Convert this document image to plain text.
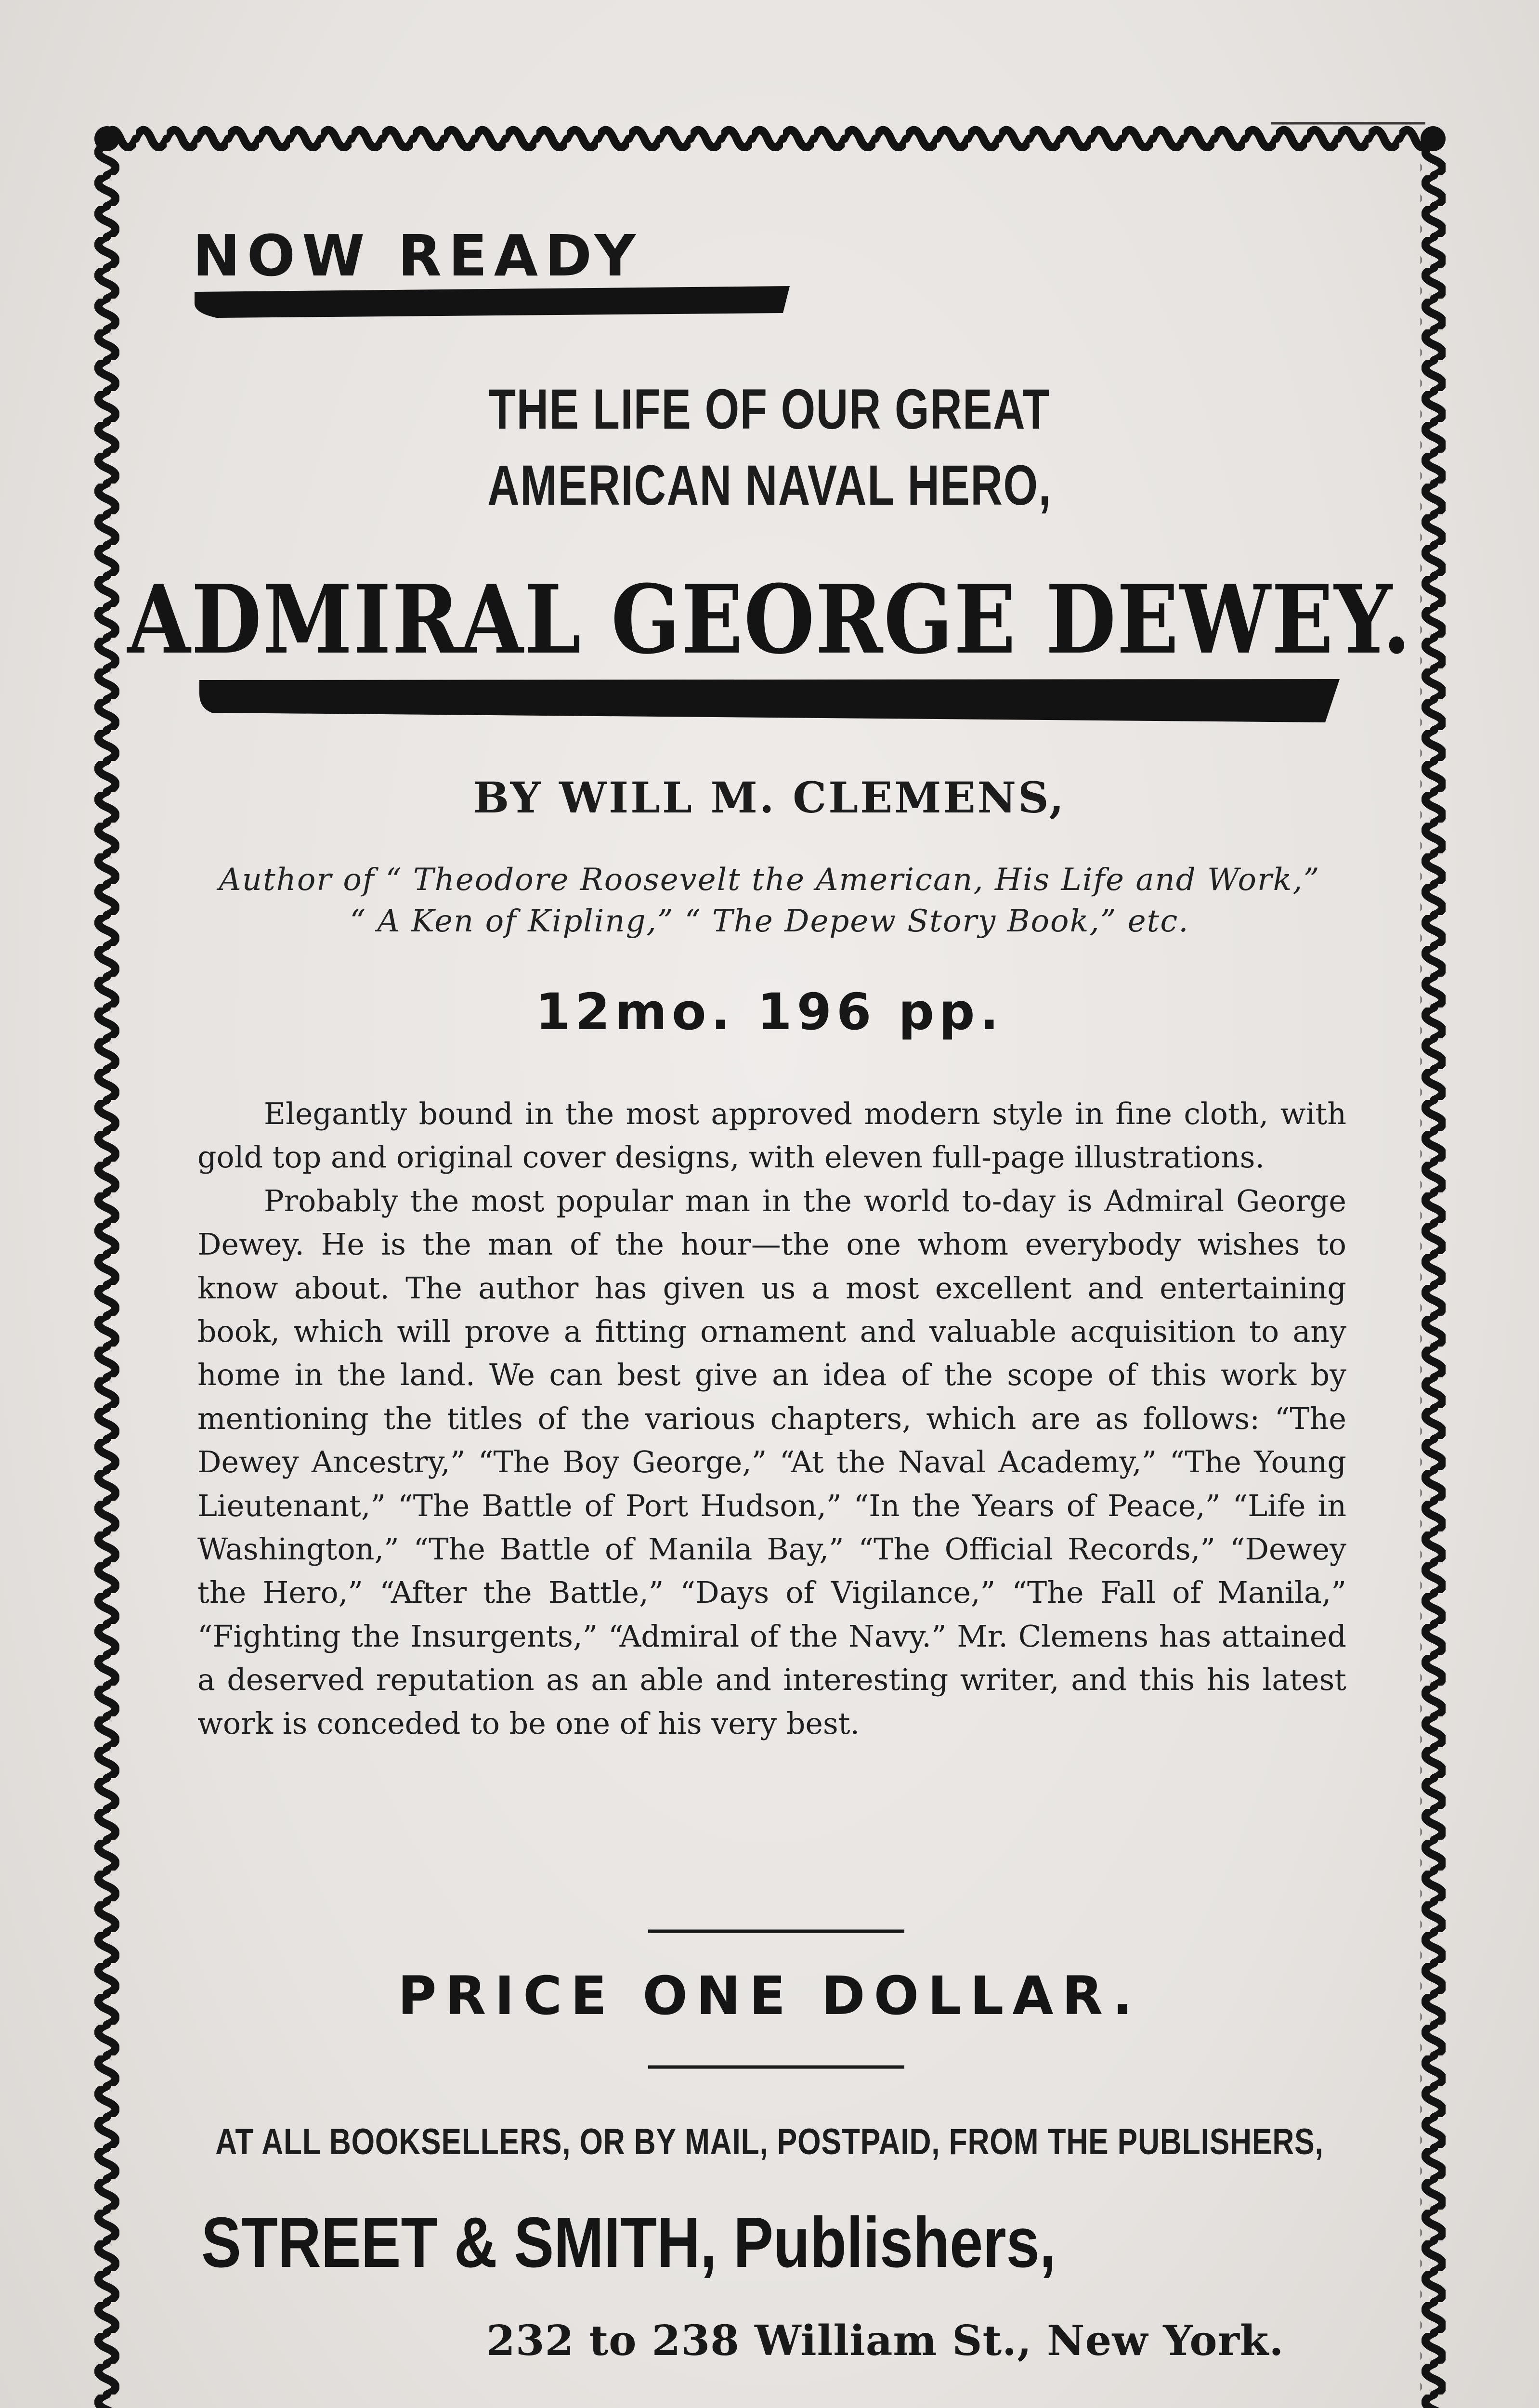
NOW READY
THE LIFE OF OUR GREAT
AMERICAN NAVAL HERO,
ADMIRAL GEORGE DEWEY.
BY WILL M. CLEMENS,
Author of “ Theodore Roosevelt the American, His Life and Work,”
“ A Ken of Kipling,” “ The Depew Story Book,” etc.
12mo. 196 pp.

Elegantly bound in the most approved modern style in fine cloth, with gold top and original cover designs, with eleven full-page illustrations.

Probably the most popular man in the world to-day is Admiral George Dewey. He is the man of the hour—the one whom everybody wishes to know about. The author has given us a most excellent and entertaining book, which will prove a fitting ornament and valuable acquisition to any home in the land. We can best give an idea of the scope of this work by mentioning the titles of the various chapters, which are as follows: “The Dewey Ancestry,” “The Boy George,” “At the Naval Academy,” “The Young Lieutenant,” “The Battle of Port Hudson,” “In the Years of Peace,” “Life in Washington,” “The Battle of Manila Bay,” “The Official Records,” “Dewey the Hero,” “After the Battle,” “Days of Vigilance,” “The Fall of Manila,” “Fighting the Insurgents,” “Admiral of the Navy.” Mr. Clemens has attained a deserved reputation as an able and interesting writer, and this his latest work is conceded to be one of his very best.

PRICE ONE DOLLAR.
AT ALL BOOKSELLERS, OR BY MAIL, POSTPAID, FROM THE PUBLISHERS,
STREET & SMITH, Publishers,
232 to 238 William St., New York.
